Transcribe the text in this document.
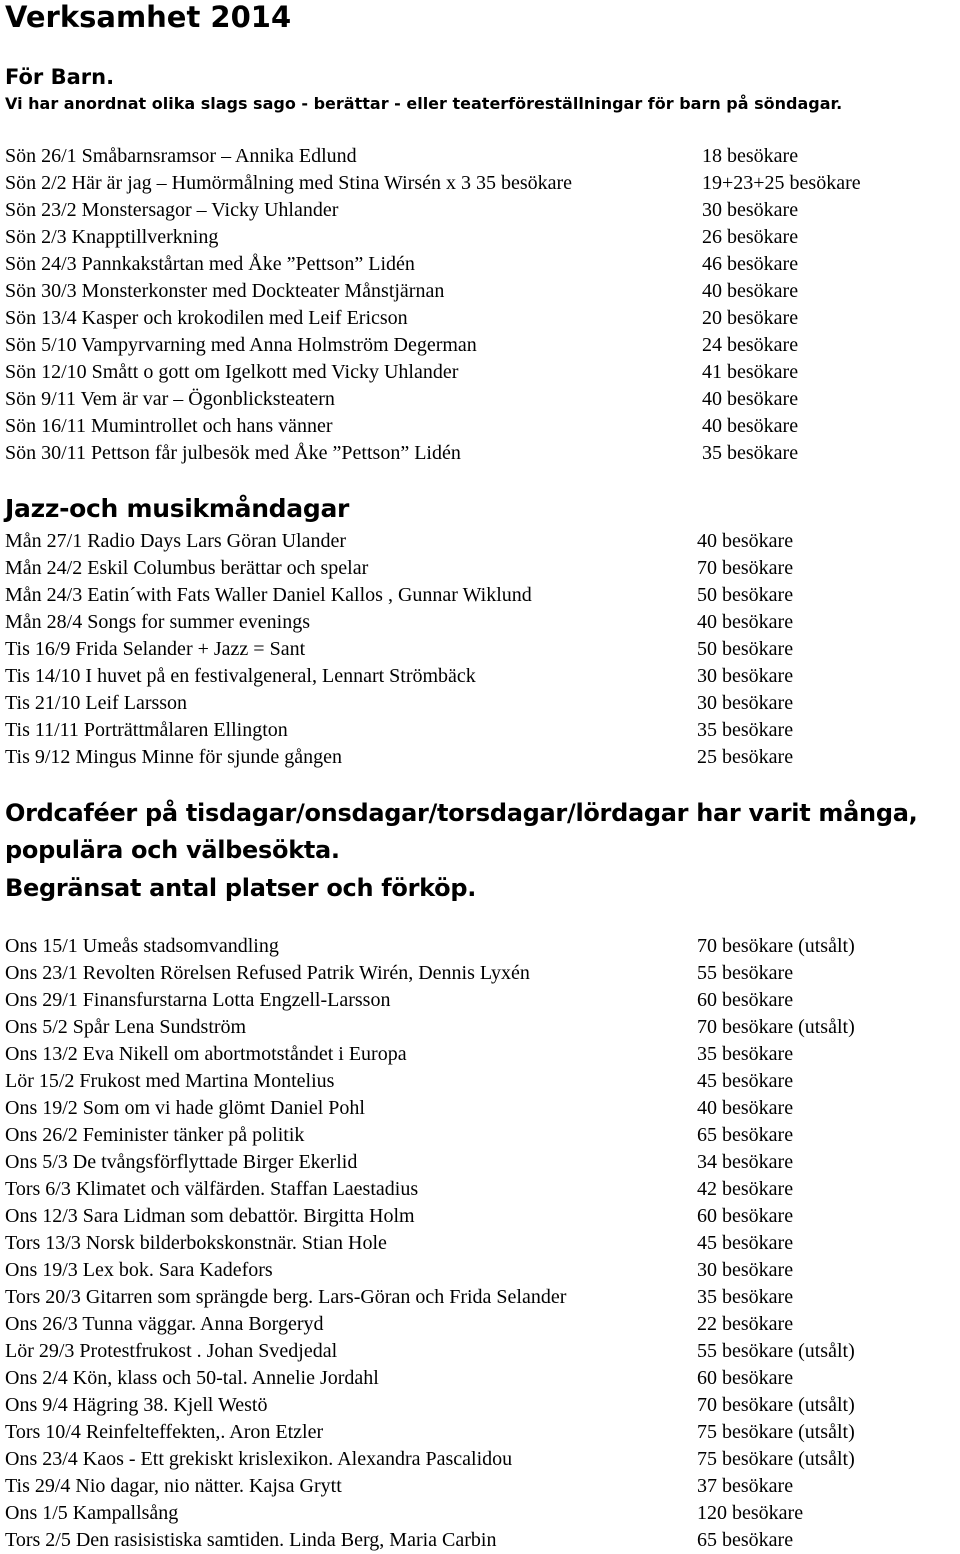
Verksamhet 2014
För Barn.
Vi har anordnat olika slags sago - berättar - eller teaterföreställningar för barn på söndagar.
Sön 26/1 Småbarnsramsor – Annika Edlund	18 besökare
Sön 2/2 Här är jag – Humörmålning med Stina Wirsén x 3 35 besökare	19+23+25 besökare
Sön 23/2 Monstersagor – Vicky Uhlander	30 besökare
Sön 2/3 Knapptillverkning	26 besökare
Sön 24/3 Pannkakstårtan med Åke ”Pettson” Lidén	46 besökare
Sön 30/3 Monsterkonster med Dockteater Månstjärnan	40 besökare
Sön 13/4 Kasper och krokodilen med Leif Ericson	20 besökare
Sön 5/10 Vampyrvarning med Anna Holmström Degerman	24 besökare
Sön 12/10 Smått o gott om Igelkott med Vicky Uhlander	41 besökare
Sön 9/11 Vem är var – Ögonblicksteatern	40 besökare
Sön 16/11 Mumintrollet och hans vänner	40 besökare
Sön 30/11 Pettson får julbesök med Åke ”Pettson” Lidén	35 besökare
Jazz-och musikmåndagar
Mån 27/1 Radio Days Lars Göran Ulander	40 besökare
Mån 24/2 Eskil Columbus berättar och spelar	70 besökare
Mån 24/3 Eatin´with Fats Waller Daniel Kallos , Gunnar Wiklund	50 besökare
Mån 28/4 Songs for summer evenings	40 besökare
Tis 16/9 Frida Selander + Jazz = Sant	50 besökare
Tis 14/10 I huvet på en festivalgeneral, Lennart Strömbäck	30 besökare
Tis 21/10 Leif Larsson	30 besökare
Tis 11/11 Porträttmålaren Ellington	35 besökare
Tis 9/12 Mingus Minne för sjunde gången	25 besökare
Ordcaféer på tisdagar/onsdagar/torsdagar/lördagar har varit många,
populära och välbesökta.
Begränsat antal platser och förköp.
Ons 15/1 Umeås stadsomvandling	70 besökare (utsålt)
Ons 23/1 Revolten Rörelsen Refused Patrik Wirén, Dennis Lyxén	55 besökare
Ons 29/1 Finansfurstarna Lotta Engzell-Larsson	60 besökare
Ons 5/2 Spår Lena Sundström	70 besökare (utsålt)
Ons 13/2 Eva Nikell om abortmotståndet i Europa	35 besökare
Lör 15/2 Frukost med Martina Montelius	45 besökare
Ons 19/2 Som om vi hade glömt Daniel Pohl	40 besökare
Ons 26/2 Feminister tänker på politik	65 besökare
Ons 5/3 De tvångsförflyttade Birger Ekerlid	34 besökare
Tors 6/3 Klimatet och välfärden. Staffan Laestadius	42 besökare
Ons 12/3 Sara Lidman som debattör. Birgitta Holm	60 besökare
Tors 13/3 Norsk bilderbokskonstnär. Stian Hole	45 besökare
Ons 19/3 Lex bok. Sara Kadefors	30 besökare
Tors 20/3 Gitarren som sprängde berg. Lars-Göran och Frida Selander	35 besökare
Ons 26/3 Tunna väggar. Anna Borgeryd	22 besökare
Lör 29/3 Protestfrukost . Johan Svedjedal	55 besökare (utsålt)
Ons 2/4 Kön, klass och 50-tal. Annelie Jordahl	60 besökare
Ons 9/4 Hägring 38. Kjell Westö	70 besökare (utsålt)
Tors 10/4 Reinfelteffekten,. Aron Etzler	75 besökare (utsålt)
Ons 23/4 Kaos - Ett grekiskt krislexikon. Alexandra Pascalidou	75 besökare (utsålt)
Tis 29/4 Nio dagar, nio nätter. Kajsa Grytt	37 besökare
Ons 1/5 Kampallsång	120 besökare
Tors 2/5 Den rasisistiska samtiden. Linda Berg, Maria Carbin	65 besökare
